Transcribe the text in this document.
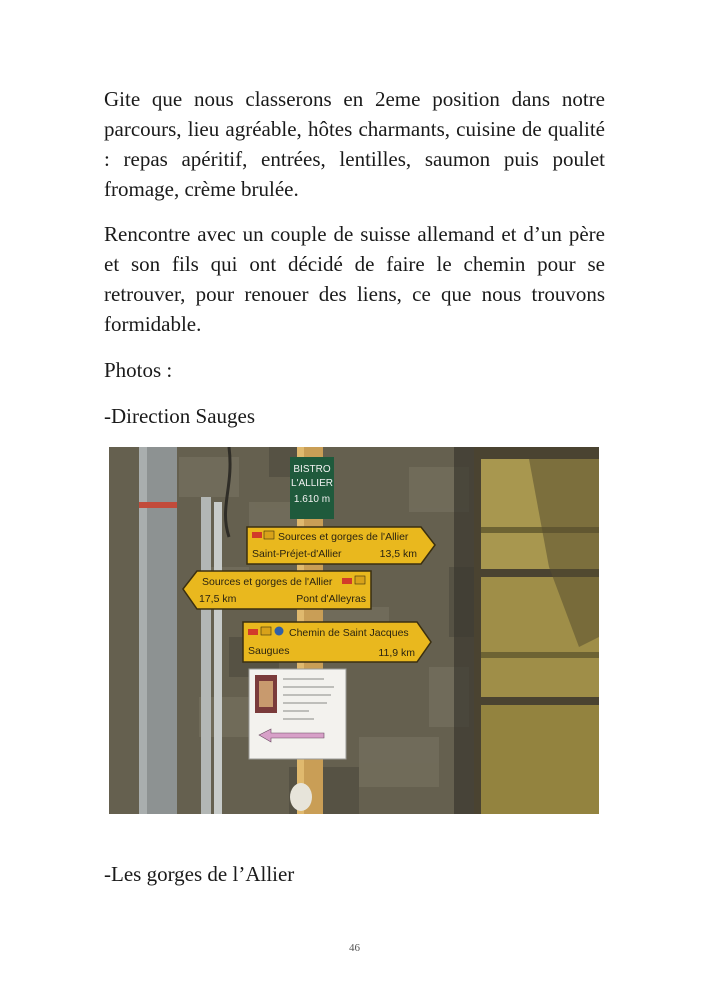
Gite que nous classerons en 2eme position dans notre parcours, lieu agréable, hôtes charmants, cuisine de qualité : repas apéritif, entrées, lentilles, saumon puis poulet fromage, crème brulée.

Rencontre avec un couple de suisse allemand et d’un père et son fils qui ont décidé de faire le chemin pour se retrouver, pour renouer des liens, ce que nous trouvons formidable.

Photos :

-Direction Sauges

BISTRO
L'ALLIER
1.610 m
Sources et gorges de l'Allier
Saint-Préjet-d'Allier	13,5 km
Sources et gorges de l'Allier
17,5 km	Pont d'Alleyras
Chemin de Saint Jacques
Saugues	11,9 km

-Les gorges de l’Allier

46
